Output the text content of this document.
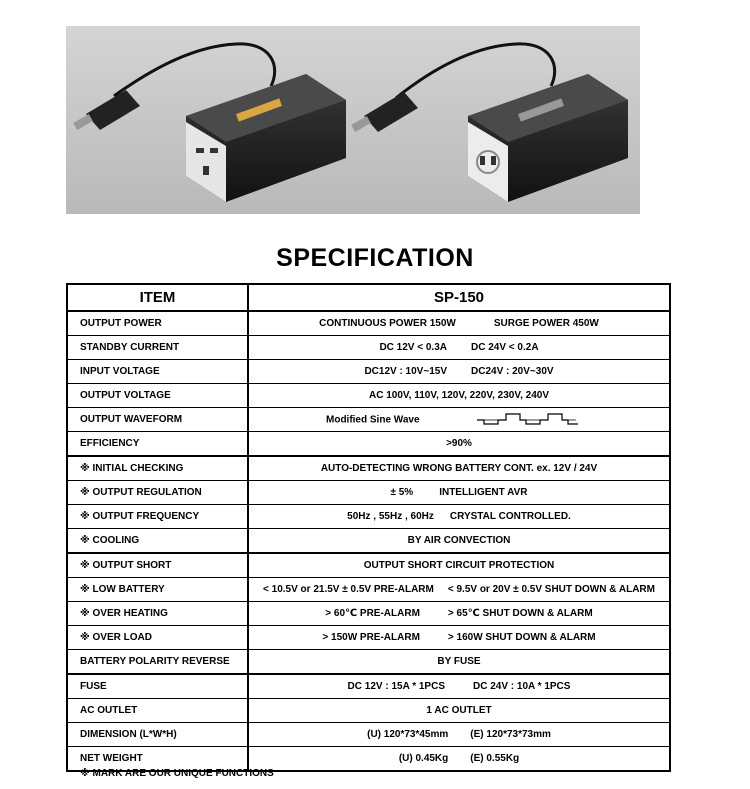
SPECIFICATION
ITEM	SP-150
OUTPUT POWER	CONTINUOUS POWER 150W SURGE POWER 450W
STANDBY CURRENT	DC 12V < 0.3A DC 24V < 0.2A
INPUT VOLTAGE	DC12V : 10V~15V DC24V : 20V~30V
OUTPUT VOLTAGE	AC 100V, 110V, 120V, 220V, 230V, 240V
OUTPUT WAVEFORM	Modified Sine Wave
EFFICIENCY	>90%
※ INITIAL CHECKING	AUTO-DETECTING WRONG BATTERY CONT. ex. 12V / 24V
※ OUTPUT REGULATION	± 5% INTELLIGENT AVR
※ OUTPUT FREQUENCY	50Hz , 55Hz , 60Hz CRYSTAL CONTROLLED.
※ COOLING	BY AIR CONVECTION
※ OUTPUT SHORT	OUTPUT SHORT CIRCUIT PROTECTION
※ LOW BATTERY	< 10.5V or 21.5V ± 0.5V PRE-ALARM < 9.5V or 20V ± 0.5V SHUT DOWN & ALARM
※ OVER HEATING	> 60℃ PRE-ALARM > 65℃ SHUT DOWN & ALARM
※ OVER LOAD	> 150W PRE-ALARM > 160W SHUT DOWN & ALARM
BATTERY POLARITY REVERSE	BY FUSE
FUSE	DC 12V : 15A * 1PCS DC 24V : 10A * 1PCS
AC OUTLET	1 AC OUTLET
DIMENSION (L*W*H)	(U) 120*73*45mm (E) 120*73*73mm
NET WEIGHT	(U) 0.45Kg (E) 0.55Kg
※ MARK ARE OUR UNIQUE FUNCTIONS
